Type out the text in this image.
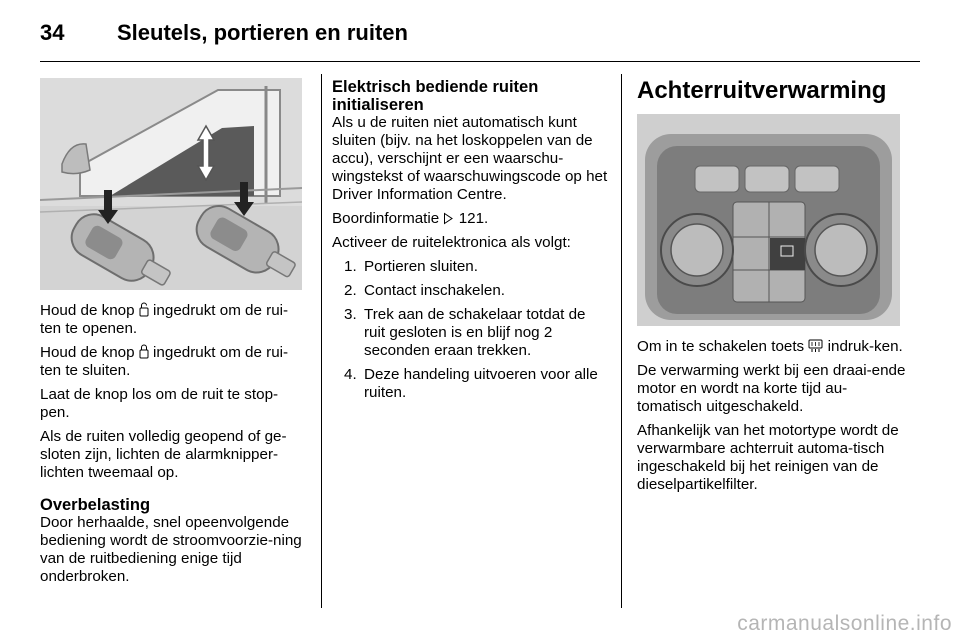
34 Sleutels, portieren en ruiten

Houd de knop ingedrukt om de rui-ten te openen.

Houd de knop ingedrukt om de rui-ten te sluiten.

Laat de knop los om de ruit te stop-pen.

Als de ruiten volledig geopend of ge-sloten zijn, lichten de alarmknipper-lichten tweemaal op.

Overbelasting

Door herhaalde, snel opeenvolgende bediening wordt de stroomvoorzie-ning van de ruitbediening enige tijd onderbroken.

Elektrisch bediende ruiten initialiseren

Als u de ruiten niet automatisch kunt sluiten (bijv. na het loskoppelen van de accu), verschijnt er een waarschu-wingstekst of waarschuwingscode op het Driver Information Centre.

Boordinformatie 121.

Activeer de ruitelektronica als volgt:

1. Portieren sluiten.
2. Contact inschakelen.
3. Trek aan de schakelaar totdat de ruit gesloten is en blijf nog 2 seconden eraan trekken.
4. Deze handeling uitvoeren voor alle ruiten.
Achterruitverwarming

Om in te schakelen toets indruk-ken.

De verwarming werkt bij een draai-ende motor en wordt na korte tijd au-tomatisch uitgeschakeld.

Afhankelijk van het motortype wordt de verwarmbare achterruit automa-tisch ingeschakeld bij het reinigen van de dieselpartikelfilter.

carmanualsonline.info
